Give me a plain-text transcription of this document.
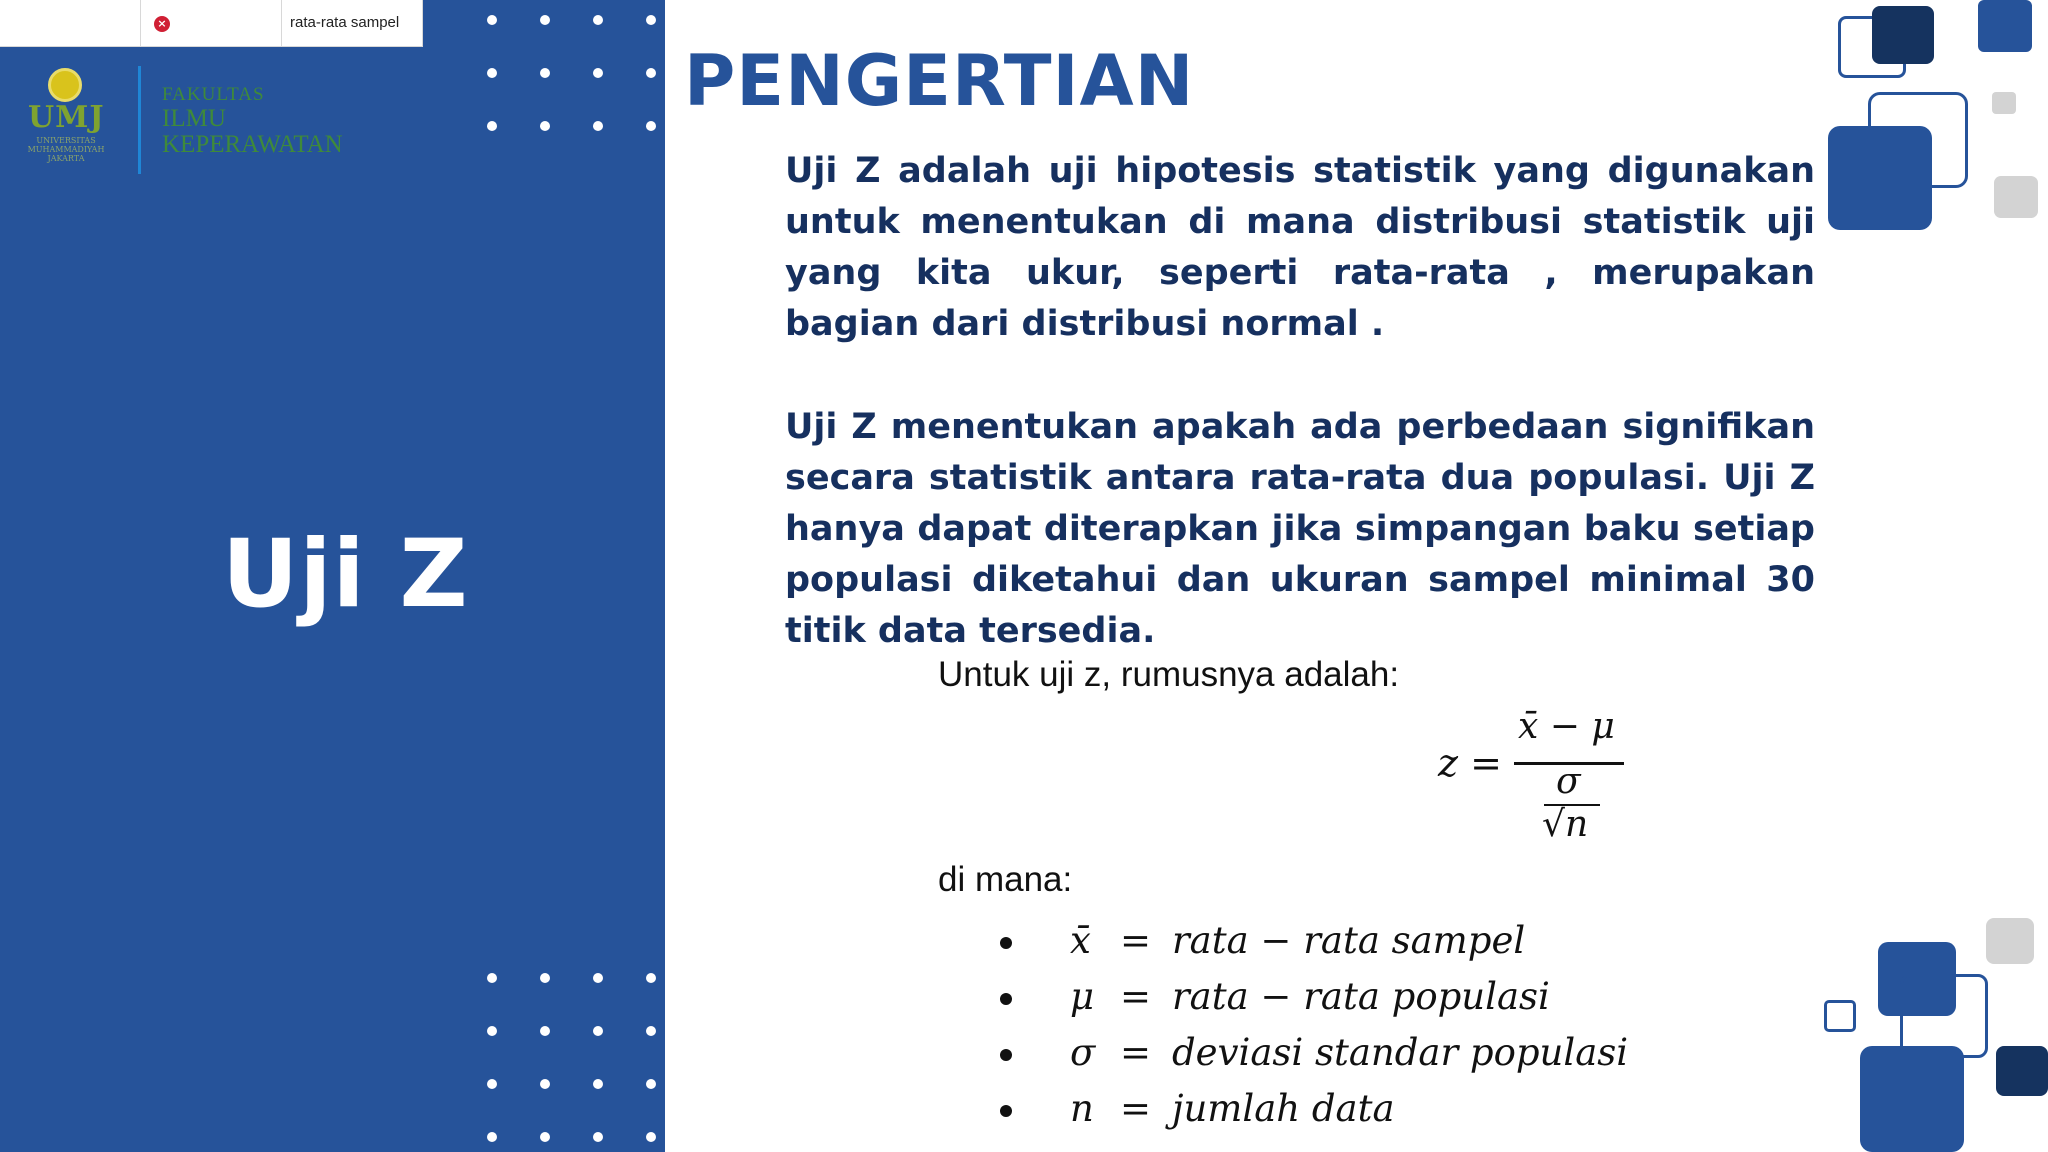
UMJ
UNIVERSITAS MUHAMMADIYAH JAKARTA
FAKULTAS
ILMU
KEPERAWATAN
Uji Z
×	rata-rata sampel
PENGERTIAN
Uji Z adalah uji hipotesis statistik yang digunakan untuk menentukan di mana distribusi statistik uji yang kita ukur, seperti rata-rata , merupakan bagian dari distribusi normal .
Uji Z menentukan apakah ada perbedaan signifikan secara statistik antara rata-rata dua populasi. Uji Z hanya dapat diterapkan jika simpangan baku setiap populasi diketahui dan ukuran sampel minimal 30 titik data tersedia.
Untuk uji z, rumusnya adalah:
z =
x̄ − μ
σ
√n
di mana:
x̄ = rata − rata sampel
μ = rata − rata populasi
σ = deviasi standar populasi
n = jumlah data
